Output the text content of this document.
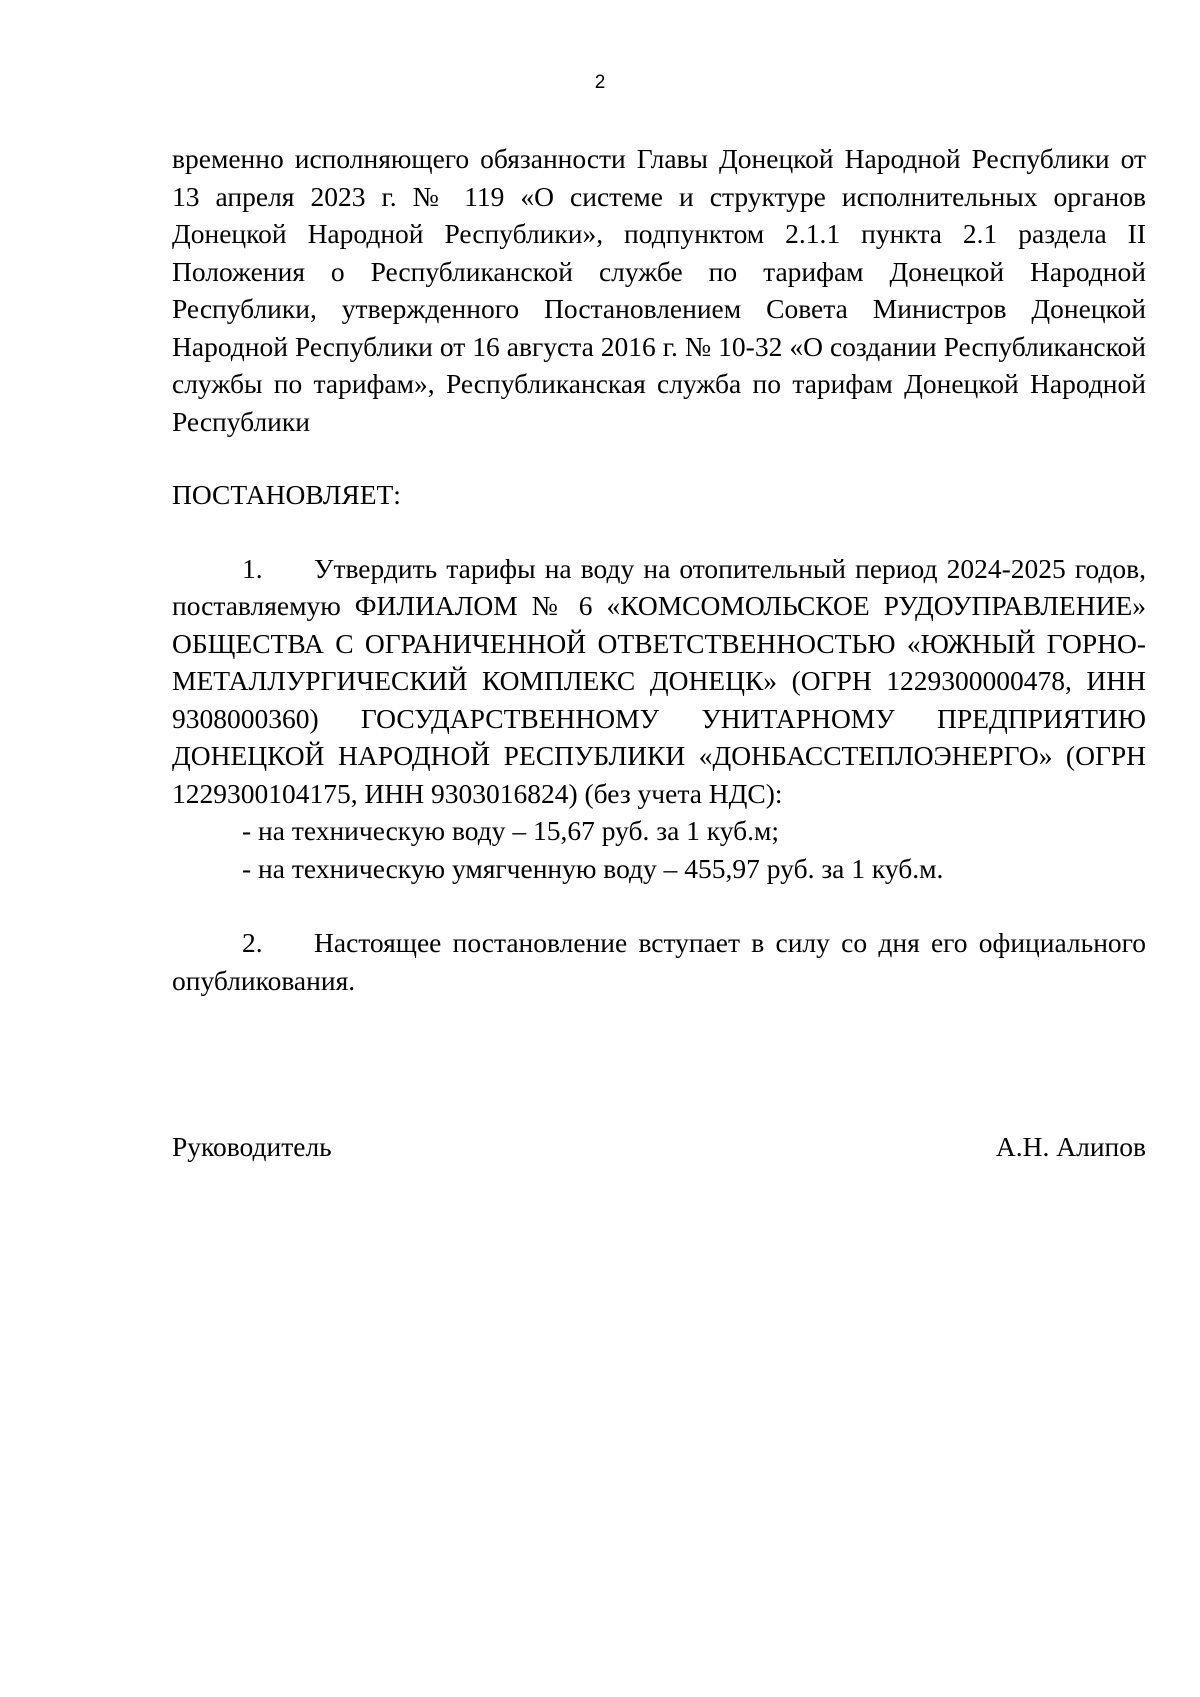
2

временно исполняющего обязанности Главы Донецкой Народной Республики от 13 апреля 2023 г. № 119 «О системе и структуре исполнительных органов Донецкой Народной Республики», подпунктом 2.1.1 пункта 2.1 раздела II Положения о Республиканской службе по тарифам Донецкой Народной Республики, утвержденного Постановлением Совета Министров Донецкой Народной Республики от 16 августа 2016 г. № 10-32 «О создании Республиканской службы по тарифам», Республиканская служба по тарифам Донецкой Народной Республики

ПОСТАНОВЛЯЕТ:

1. Утвердить тарифы на воду на отопительный период 2024-2025 годов, поставляемую ФИЛИАЛОМ № 6 «КОМСОМОЛЬСКОЕ РУДОУПРАВЛЕНИЕ» ОБЩЕСТВА С ОГРАНИЧЕННОЙ ОТВЕТСТВЕННОСТЬЮ «ЮЖНЫЙ ГОРНО-МЕТАЛЛУРГИЧЕСКИЙ КОМПЛЕКС ДОНЕЦК» (ОГРН 1229300000478, ИНН 9308000360) ГОСУДАРСТВЕННОМУ УНИТАРНОМУ ПРЕДПРИЯТИЮ ДОНЕЦКОЙ НАРОДНОЙ РЕСПУБЛИКИ «ДОНБАССТЕПЛОЭНЕРГО» (ОГРН 1229300104175, ИНН 9303016824) (без учета НДС):

- на техническую воду – 15,67 руб. за 1 куб.м;

- на техническую умягченную воду – 455,97 руб. за 1 куб.м.

2. Настоящее постановление вступает в силу со дня его официального опубликования.

Руководитель	А.Н. Алипов
